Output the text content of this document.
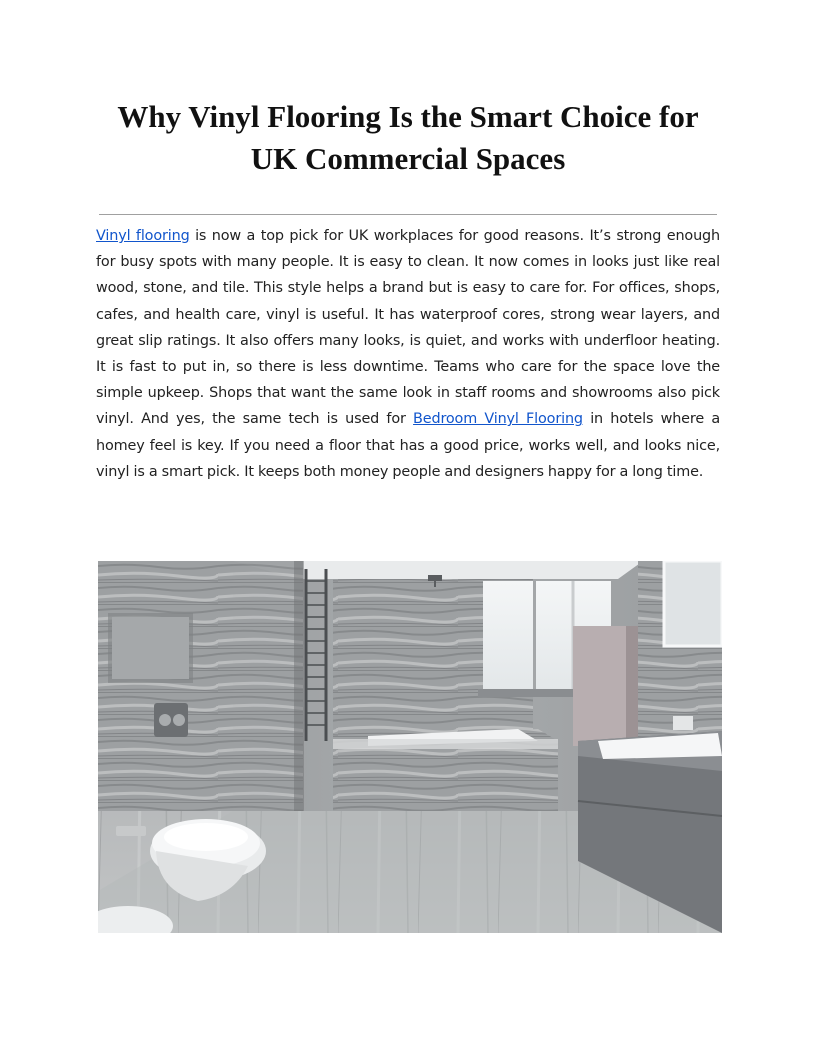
Why Vinyl Flooring Is the Smart Choice for
UK Commercial Spaces

Vinyl flooring is now a top pick for UK workplaces for good reasons. It’s strong enough for busy spots with many people. It is easy to clean. It now comes in looks just like real wood, stone, and tile. This style helps a brand but is easy to care for. For offices, shops, cafes, and health care, vinyl is useful. It has waterproof cores, strong wear layers, and great slip ratings. It also offers many looks, is quiet, and works with underfloor heating. It is fast to put in, so there is less downtime. Teams who care for the space love the simple upkeep. Shops that want the same look in staff rooms and showrooms also pick vinyl. And yes, the same tech is used for Bedroom Vinyl Flooring in hotels where a homey feel is key. If you need a floor that has a good price, works well, and looks nice, vinyl is a smart pick. It keeps both money people and designers happy for a long time.
